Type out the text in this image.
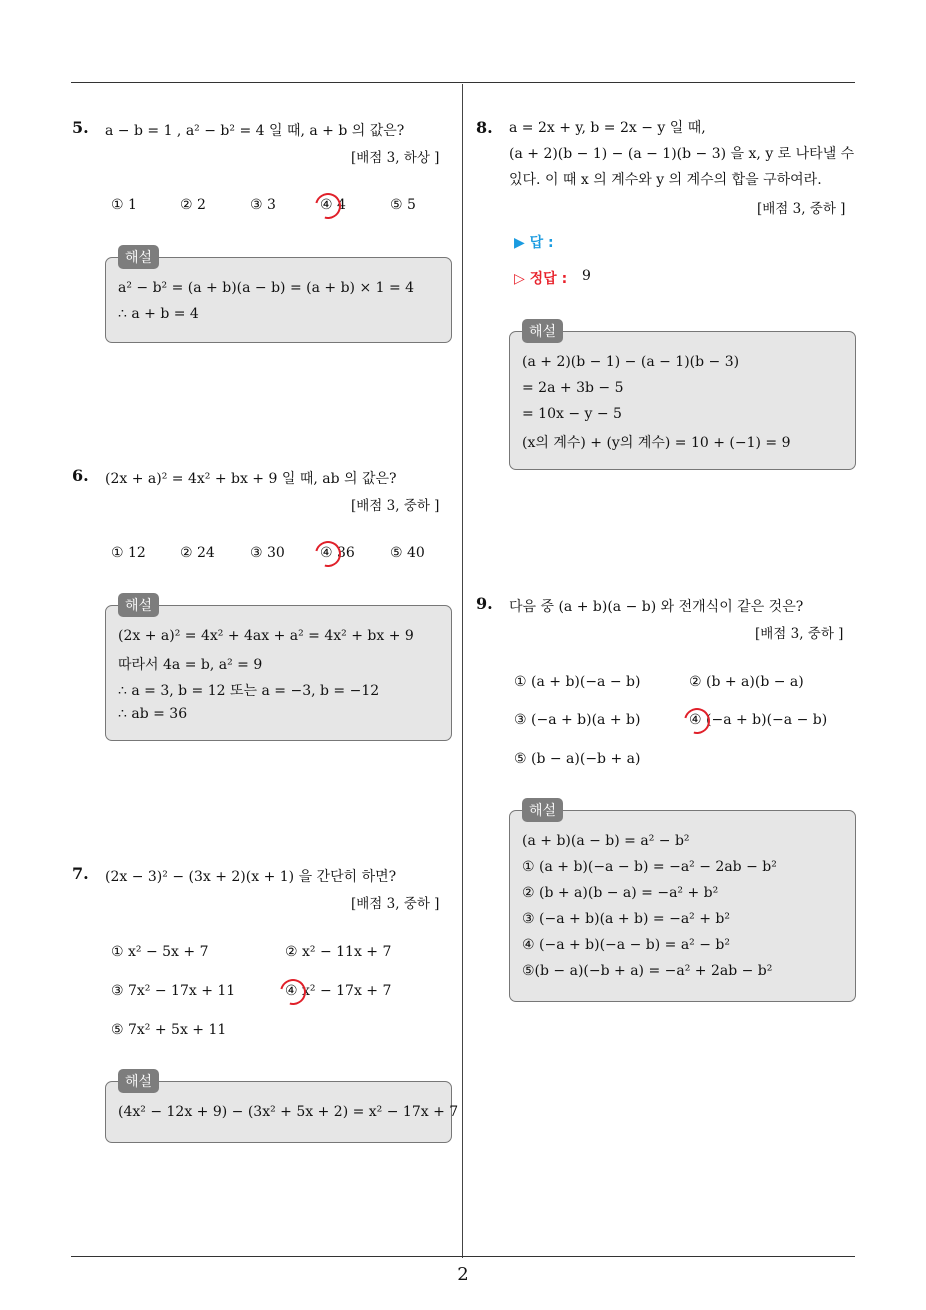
2
5. a − b = 1 , a² − b² = 4 일 때, a + b 의 값은?
[배점 3, 하상 ]
① 1	② 2	③ 3	④ 4	⑤ 5
a² − b² = (a + b)(a − b) = (a + b) × 1 = 4
∴ a + b = 4
해설
6. (2x + a)² = 4x² + bx + 9 일 때, ab 의 값은?
[배점 3, 중하 ]
① 12 ② 24	③ 30	④ 36	⑤ 40
(2x + a)² = 4x² + 4ax + a² = 4x² + bx + 9
따라서 4a = b, a² = 9
∴ a = 3, b = 12 또는 a = −3, b = −12
∴ ab = 36
해설
7. (2x − 3)² − (3x + 2)(x + 1) 을 간단히 하면?
[배점 3, 중하 ]
① x² − 5x + 7	② x² − 11x + 7
③ 7x² − 17x + 11	④ x² − 17x + 7
⑤ 7x² + 5x + 11
(4x² − 12x + 9) − (3x² + 5x + 2) = x² − 17x + 7
해설
8. a = 2x + y, b = 2x − y 일 때,
(a + 2)(b − 1) − (a − 1)(b − 3) 을 x, y 로 나타낼 수
있다. 이 때 x 의 계수와 y 의 계수의 합을 구하여라.
[배점 3, 중하 ]
▶ 답 :
▷ 정답 : 9
(a + 2)(b − 1) − (a − 1)(b − 3)
= 2a + 3b − 5
= 10x − y − 5
(x의 계수) + (y의 계수) = 10 + (−1) = 9
해설
9. 다음 중 (a + b)(a − b) 와 전개식이 같은 것은?
[배점 3, 중하 ]
① (a + b)(−a − b)	② (b + a)(b − a)
③ (−a + b)(a + b)	④ (−a + b)(−a − b)
⑤ (b − a)(−b + a)
(a + b)(a − b) = a² − b²
① (a + b)(−a − b) = −a² − 2ab − b²
② (b + a)(b − a) = −a² + b²
③ (−a + b)(a + b) = −a² + b²
④ (−a + b)(−a − b) = a² − b²
⑤(b − a)(−b + a) = −a² + 2ab − b²
해설
